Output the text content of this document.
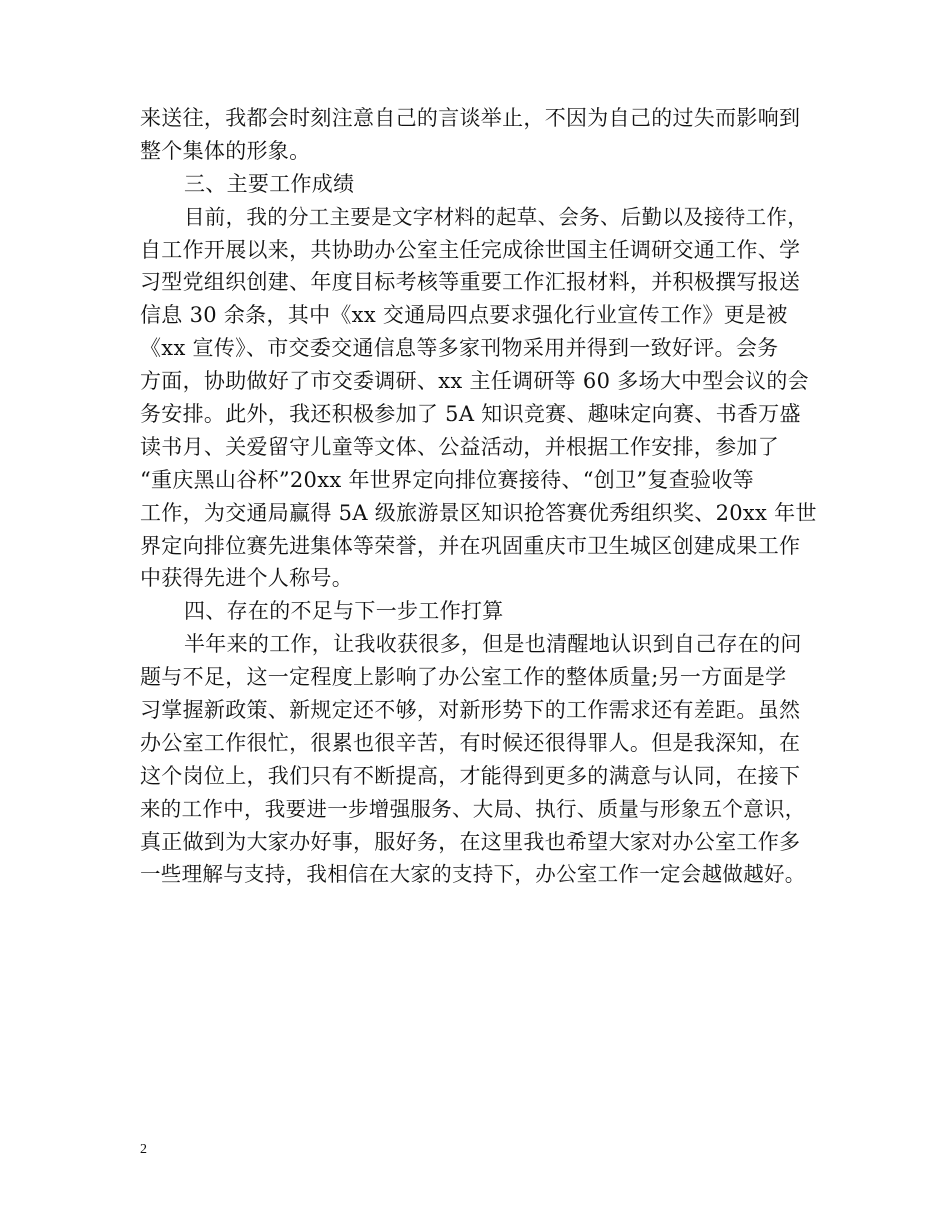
来送往，我都会时刻注意自己的言谈举止，不因为自己的过失而影响到
整个集体的形象。
三、主要工作成绩
目前，我的分工主要是文字材料的起草、会务、后勤以及接待工作，
自工作开展以来，共协助办公室主任完成徐世国主任调研交通工作、学
习型党组织创建、年度目标考核等重要工作汇报材料，并积极撰写报送
信息 30 余条，其中《xx 交通局四点要求强化行业宣传工作》更是被
《xx 宣传》、市交委交通信息等多家刊物采用并得到一致好评。会务
方面，协助做好了市交委调研、xx 主任调研等 60 多场大中型会议的会
务安排。此外，我还积极参加了 5A 知识竞赛、趣味定向赛、书香万盛
读书月、关爱留守儿童等文体、公益活动，并根据工作安排，参加了
“重庆黑山谷杯”20xx 年世界定向排位赛接待、“创卫”复查验收等
工作，为交通局赢得 5A 级旅游景区知识抢答赛优秀组织奖、20xx 年世
界定向排位赛先进集体等荣誉，并在巩固重庆市卫生城区创建成果工作
中获得先进个人称号。
四、存在的不足与下一步工作打算
半年来的工作，让我收获很多，但是也清醒地认识到自己存在的问
题与不足，这一定程度上影响了办公室工作的整体质量;另一方面是学
习掌握新政策、新规定还不够，对新形势下的工作需求还有差距。虽然
办公室工作很忙，很累也很辛苦，有时候还很得罪人。但是我深知，在
这个岗位上，我们只有不断提高，才能得到更多的满意与认同，在接下
来的工作中，我要进一步增强服务、大局、执行、质量与形象五个意识，
真正做到为大家办好事，服好务，在这里我也希望大家对办公室工作多
一些理解与支持，我相信在大家的支持下，办公室工作一定会越做越好。
2
